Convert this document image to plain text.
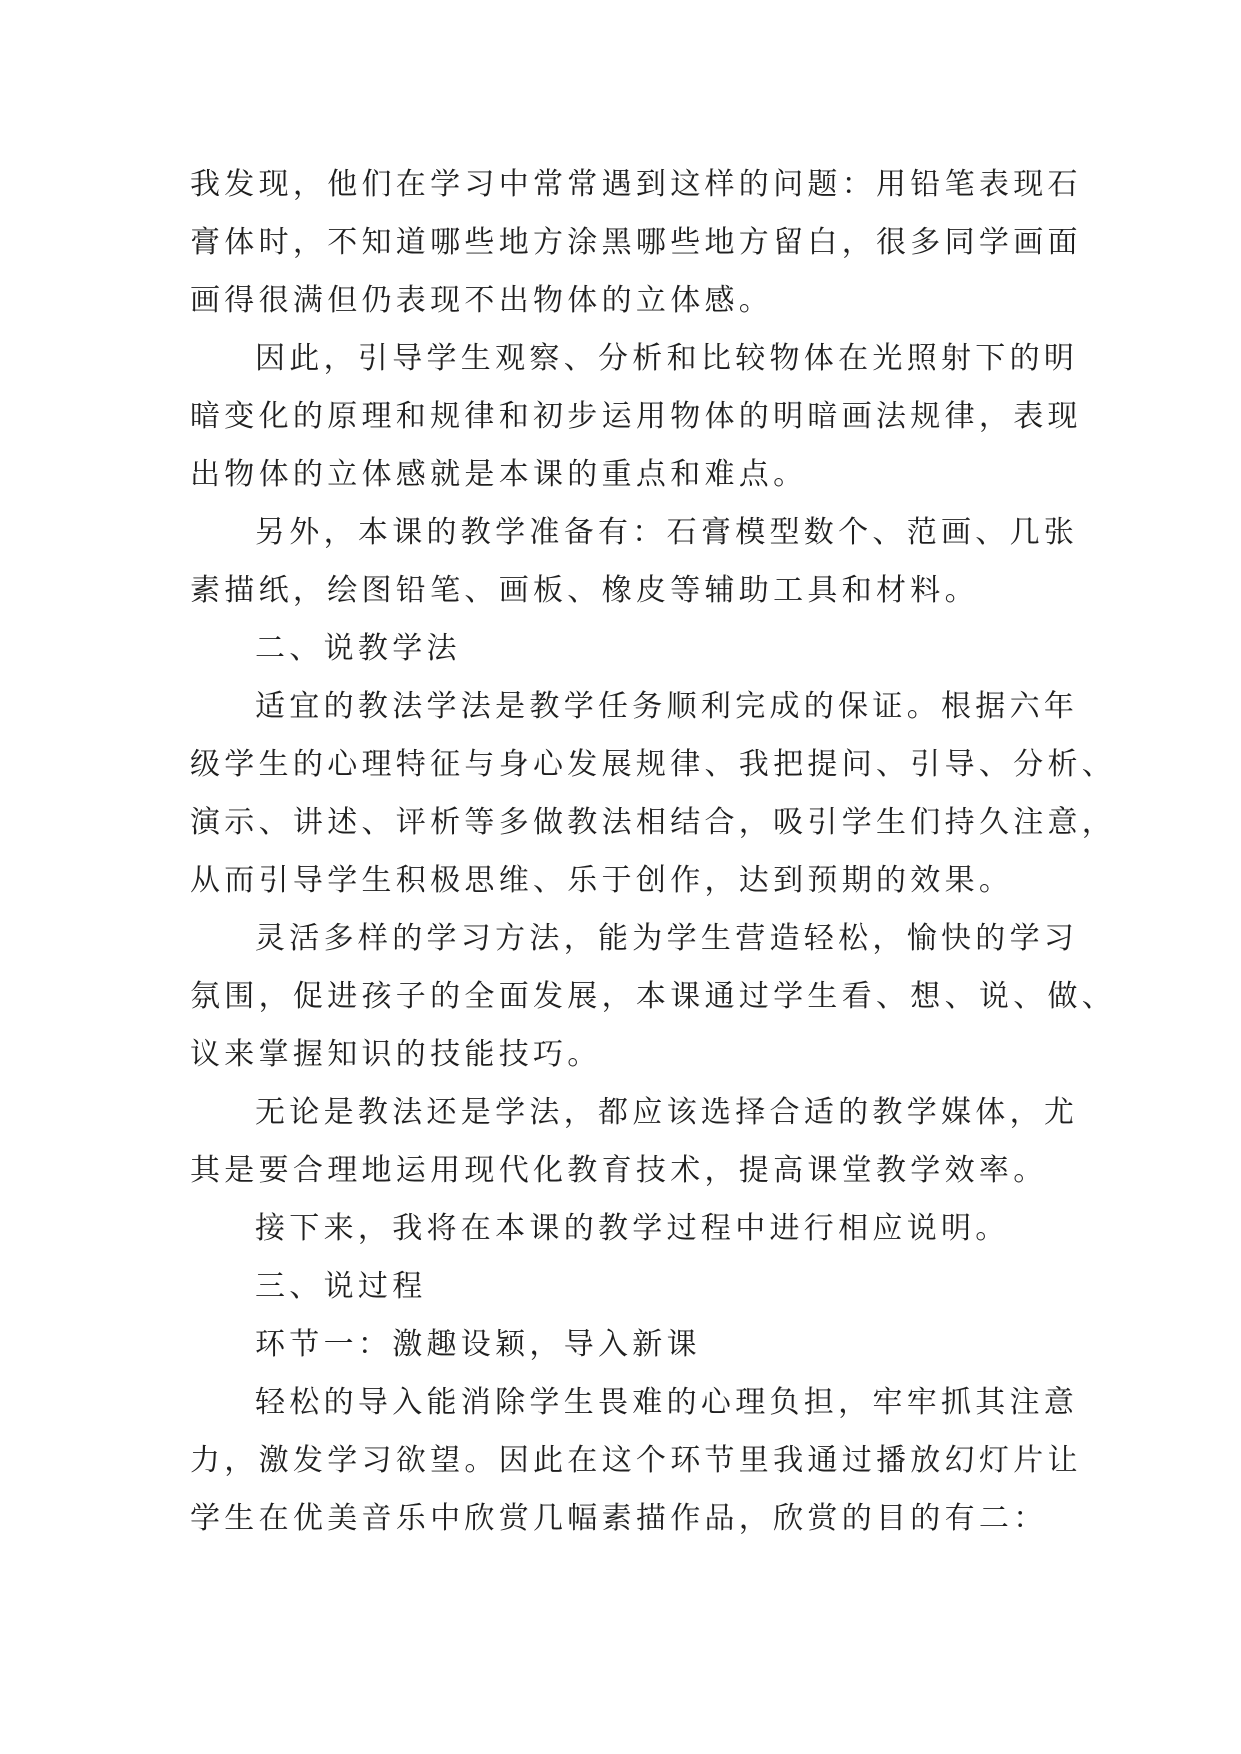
我发现，他们在学习中常常遇到这样的问题：用铅笔表现石
膏体时，不知道哪些地方涂黑哪些地方留白，很多同学画面
画得很满但仍表现不出物体的立体感。

因此，引导学生观察、分析和比较物体在光照射下的明
暗变化的原理和规律和初步运用物体的明暗画法规律，表现
出物体的立体感就是本课的重点和难点。

另外，本课的教学准备有：石膏模型数个、范画、几张
素描纸，绘图铅笔、画板、橡皮等辅助工具和材料。

二、说教学法

适宜的教法学法是教学任务顺利完成的保证。根据六年
级学生的心理特征与身心发展规律、我把提问、引导、分析、
演示、讲述、评析等多做教法相结合，吸引学生们持久注意，
从而引导学生积极思维、乐于创作，达到预期的效果。

灵活多样的学习方法，能为学生营造轻松，愉快的学习
氛围，促进孩子的全面发展，本课通过学生看、想、说、做、
议来掌握知识的技能技巧。

无论是教法还是学法，都应该选择合适的教学媒体，尤
其是要合理地运用现代化教育技术，提高课堂教学效率。

接下来，我将在本课的教学过程中进行相应说明。

三、说过程

环节一：激趣设颖，导入新课

轻松的导入能消除学生畏难的心理负担，牢牢抓其注意
力，激发学习欲望。因此在这个环节里我通过播放幻灯片让
学生在优美音乐中欣赏几幅素描作品，欣赏的目的有二：
